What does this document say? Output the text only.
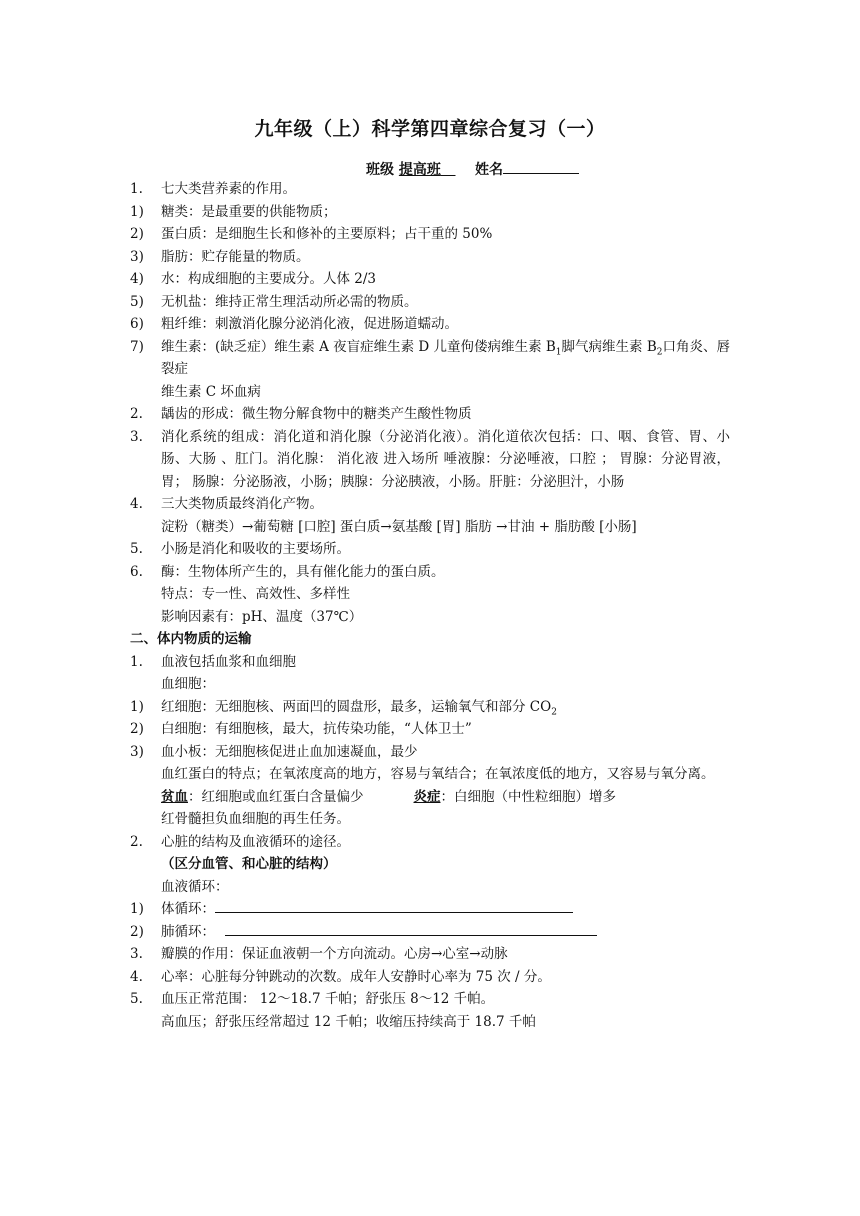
九年级（上）科学第四章综合复习（一）
班级 提高班 姓名
1. 七大类营养素的作用。
1) 糖类：是最重要的供能物质；
2) 蛋白质：是细胞生长和修补的主要原料；占干重的 50%
3) 脂肪：贮存能量的物质。
4) 水：构成细胞的主要成分。人体 2/3
5) 无机盐：维持正常生理活动所必需的物质。
6) 粗纤维：刺激消化腺分泌消化液，促进肠道蠕动。
7) 维生素：(缺乏症）维生素 A 夜盲症维生素 D 儿童佝偻病维生素 $B_1$脚气病维生素 $B_2$口角炎、唇裂症
维生素 C 坏血病
2. 龋齿的形成：微生物分解食物中的糖类产生酸性物质
3. 消化系统的组成：消化道和消化腺（分泌消化液）。消化道依次包括：口、咽、食管、胃、小肠、大肠 、肛门。消化腺： 消化液 进入场所 唾液腺：分泌唾液，口腔 ； 胃腺：分泌胃液，胃； 肠腺：分泌肠液，小肠；胰腺：分泌胰液，小肠。肝脏：分泌胆汁，小肠
4. 三大类物质最终消化产物。
淀粉（糖类）→葡萄糖 [口腔] 蛋白质→氨基酸 [胃] 脂肪 →甘油 + 脂肪酸 [小肠]
5. 小肠是消化和吸收的主要场所。
6. 酶：生物体所产生的，具有催化能力的蛋白质。
特点：专一性、高效性、多样性
影响因素有：pH、温度（37℃）
二、体内物质的运输
1. 血液包括血浆和血细胞
血细胞：
1) 红细胞：无细胞核、两面凹的圆盘形，最多，运输氧气和部分 $CO_2$
2) 白细胞：有细胞核，最大，抗传染功能，“人体卫士”
3) 血小板：无细胞核促进止血加速凝血，最少
血红蛋白的特点；在氧浓度高的地方，容易与氧结合；在氧浓度低的地方，又容易与氧分离。
贫血：红细胞或血红蛋白含量偏少	炎症：白细胞（中性粒细胞）增多
红骨髓担负血细胞的再生任务。
2. 心脏的结构及血液循环的途径。
（区分血管、和心脏的结构）
血液循环：
1) 体循环：
2) 肺循环：
3. 瓣膜的作用：保证血液朝一个方向流动。心房→心室→动脉
4. 心率：心脏每分钟跳动的次数。成年人安静时心率为 75 次 / 分。
5. 血压正常范围： 12～18.7 千帕；舒张压 8～12 千帕。
高血压；舒张压经常超过 12 千帕；收缩压持续高于 18.7 千帕
